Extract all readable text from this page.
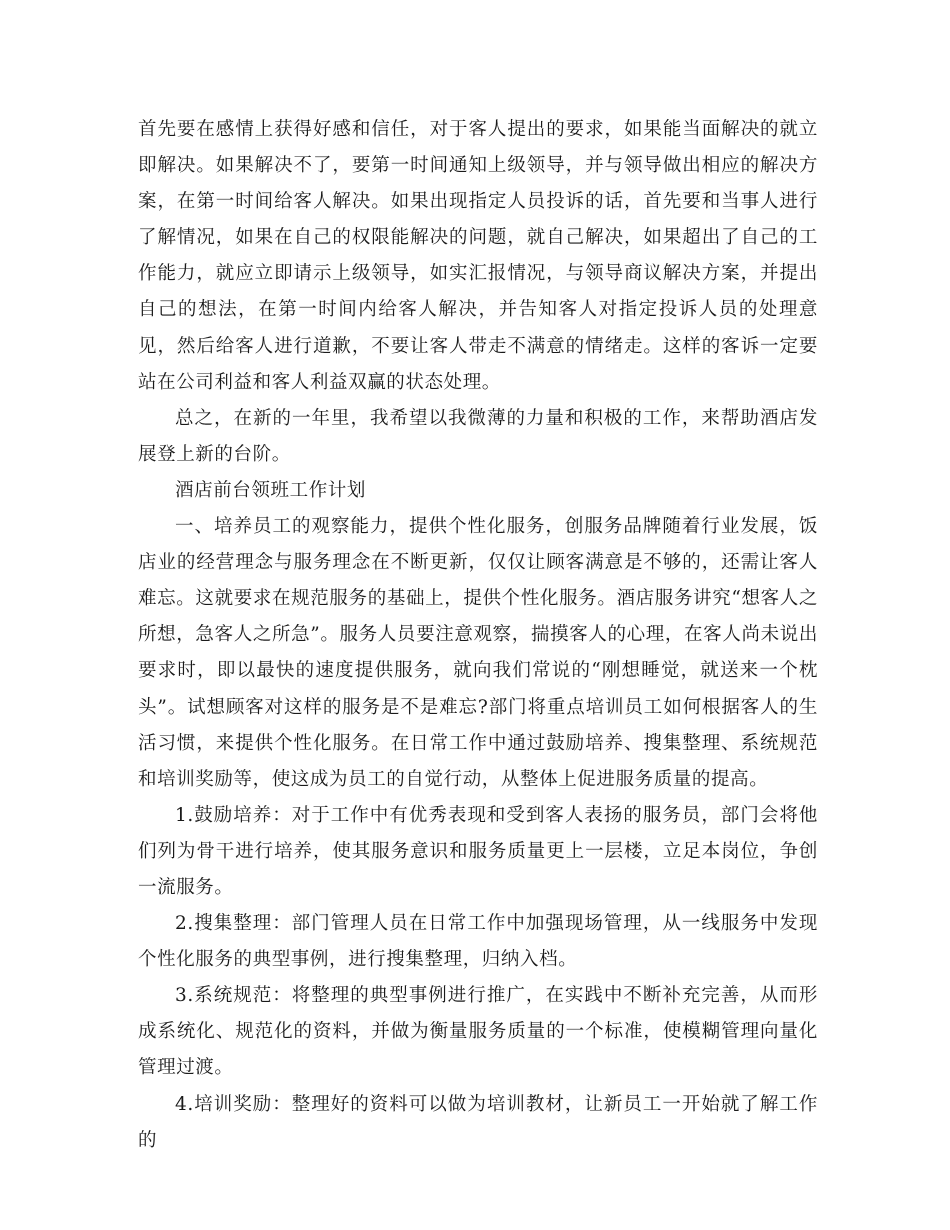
首先要在感情上获得好感和信任，对于客人提出的要求，如果能当面解决的就立即解决。如果解决不了，要第一时间通知上级领导，并与领导做出相应的解决方案，在第一时间给客人解决。如果出现指定人员投诉的话，首先要和当事人进行了解情况，如果在自己的权限能解决的问题，就自己解决，如果超出了自己的工作能力，就应立即请示上级领导，如实汇报情况，与领导商议解决方案，并提出自己的想法，在第一时间内给客人解决，并告知客人对指定投诉人员的处理意见，然后给客人进行道歉，不要让客人带走不满意的情绪走。这样的客诉一定要站在公司利益和客人利益双赢的状态处理。

总之，在新的一年里，我希望以我微薄的力量和积极的工作，来帮助酒店发展登上新的台阶。

酒店前台领班工作计划

一、培养员工的观察能力，提供个性化服务，创服务品牌随着行业发展，饭店业的经营理念与服务理念在不断更新，仅仅让顾客满意是不够的，还需让客人难忘。这就要求在规范服务的基础上，提供个性化服务。酒店服务讲究“想客人之所想，急客人之所急”。服务人员要注意观察，揣摸客人的心理，在客人尚未说出要求时，即以最快的速度提供服务，就向我们常说的“刚想睡觉，就送来一个枕头”。试想顾客对这样的服务是不是难忘?部门将重点培训员工如何根据客人的生活习惯，来提供个性化服务。在日常工作中通过鼓励培养、搜集整理、系统规范和培训奖励等，使这成为员工的自觉行动，从整体上促进服务质量的提高。

1.鼓励培养：对于工作中有优秀表现和受到客人表扬的服务员，部门会将他们列为骨干进行培养，使其服务意识和服务质量更上一层楼，立足本岗位，争创一流服务。

2.搜集整理：部门管理人员在日常工作中加强现场管理，从一线服务中发现个性化服务的典型事例，进行搜集整理，归纳入档。

3.系统规范：将整理的典型事例进行推广，在实践中不断补充完善，从而形成系统化、规范化的资料，并做为衡量服务质量的一个标准，使模糊管理向量化管理过渡。

4.培训奖励：整理好的资料可以做为培训教材，让新员工一开始就了解工作的
